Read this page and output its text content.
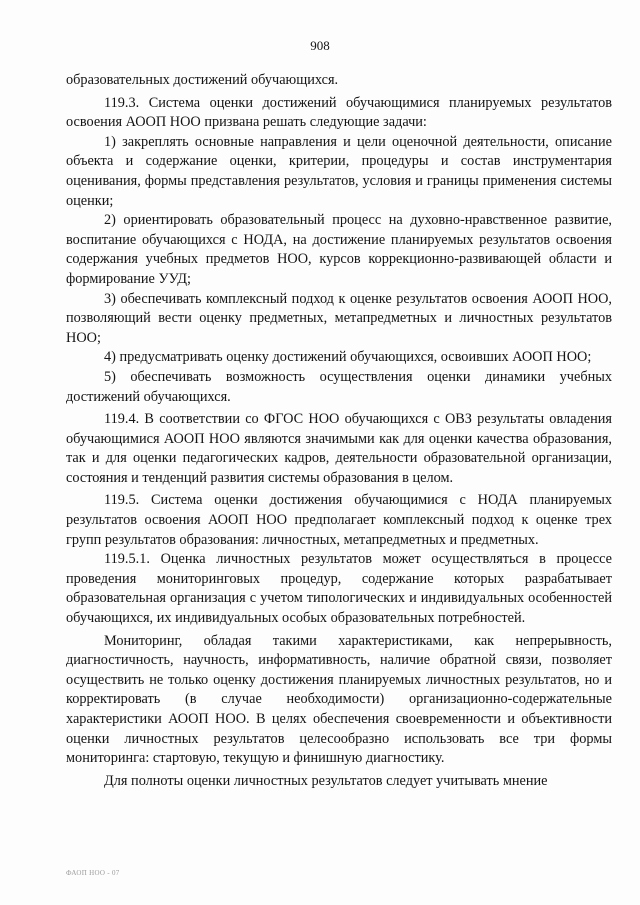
908

образовательных достижений обучающихся.

119.3. Система оценки достижений обучающимися планируемых результатов освоения АООП НОО призвана решать следующие задачи:

1) закреплять основные направления и цели оценочной деятельности, описание объекта и содержание оценки, критерии, процедуры и состав инструментария оценивания, формы представления результатов, условия и границы применения системы оценки;

2) ориентировать образовательный процесс на духовно-нравственное развитие, воспитание обучающихся с НОДА, на достижение планируемых результатов освоения содержания учебных предметов НОО, курсов коррекционно-развивающей области и формирование УУД;

3) обеспечивать комплексный подход к оценке результатов освоения АООП НОО, позволяющий вести оценку предметных, метапредметных и личностных результатов НОО;

4) предусматривать оценку достижений обучающихся, освоивших АООП НОО;

5) обеспечивать возможность осуществления оценки динамики учебных достижений обучающихся.

119.4. В соответствии со ФГОС НОО обучающихся с ОВЗ результаты овладения обучающимися АООП НОО являются значимыми как для оценки качества образования, так и для оценки педагогических кадров, деятельности образовательной организации, состояния и тенденций развития системы образования в целом.

119.5. Система оценки достижения обучающимися с НОДА планируемых результатов освоения АООП НОО предполагает комплексный подход к оценке трех групп результатов образования: личностных, метапредметных и предметных.

119.5.1. Оценка личностных результатов может осуществляться в процессе проведения мониторинговых процедур, содержание которых разрабатывает образовательная организация с учетом типологических и индивидуальных особенностей обучающихся, их индивидуальных особых образовательных потребностей.

Мониторинг, обладая такими характеристиками, как непрерывность, диагностичность, научность, информативность, наличие обратной связи, позволяет осуществить не только оценку достижения планируемых личностных результатов, но и корректировать (в случае необходимости) организационно-содержательные характеристики АООП НОО. В целях обеспечения своевременности и объективности оценки личностных результатов целесообразно использовать все три формы мониторинга: стартовую, текущую и финишную диагностику.

Для полноты оценки личностных результатов следует учитывать мнение

ФАОП НОО - 07
